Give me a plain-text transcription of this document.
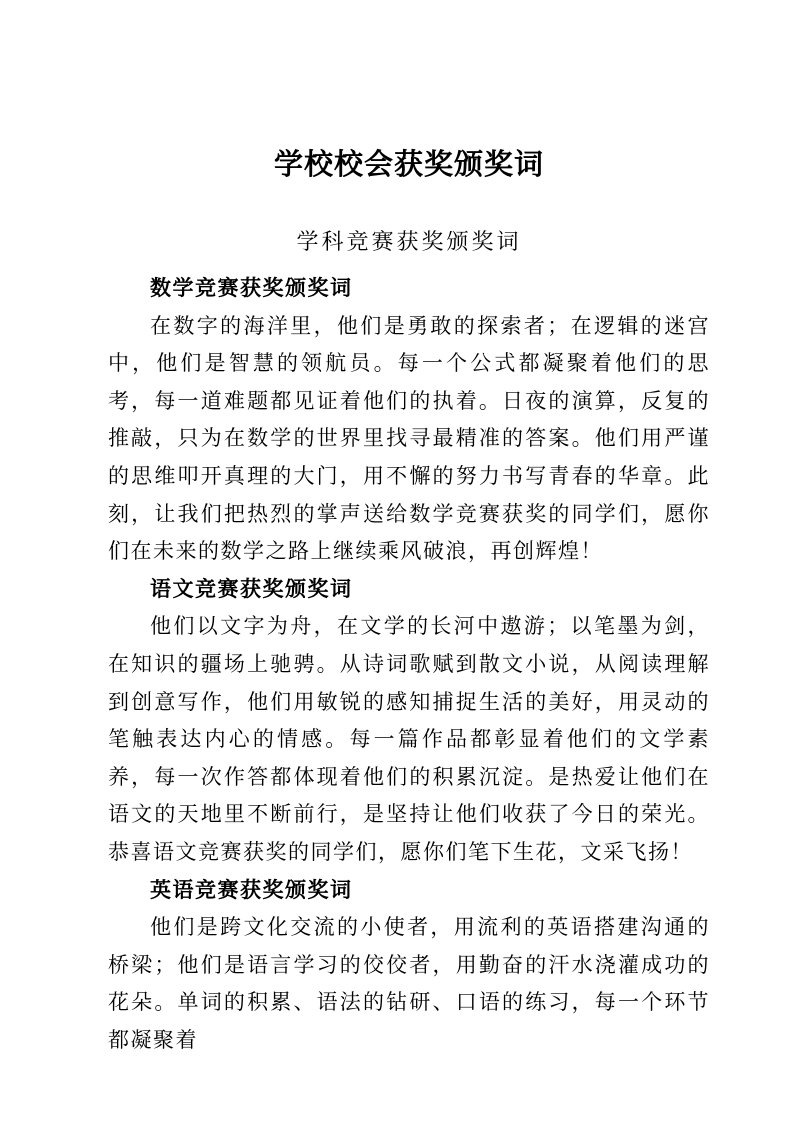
学校校会获奖颁奖词
学科竞赛获奖颁奖词

数学竞赛获奖颁奖词

在数字的海洋里，他们是勇敢的探索者；在逻辑的迷宫中，他们是智慧的领航员。每一个公式都凝聚着他们的思考，每一道难题都见证着他们的执着。日夜的演算，反复的推敲，只为在数学的世界里找寻最精准的答案。他们用严谨的思维叩开真理的大门，用不懈的努力书写青春的华章。此刻，让我们把热烈的掌声送给数学竞赛获奖的同学们，愿你们在未来的数学之路上继续乘风破浪，再创辉煌！

语文竞赛获奖颁奖词

他们以文字为舟，在文学的长河中遨游；以笔墨为剑，在知识的疆场上驰骋。从诗词歌赋到散文小说，从阅读理解到创意写作，他们用敏锐的感知捕捉生活的美好，用灵动的笔触表达内心的情感。每一篇作品都彰显着他们的文学素养，每一次作答都体现着他们的积累沉淀。是热爱让他们在语文的天地里不断前行，是坚持让他们收获了今日的荣光。恭喜语文竞赛获奖的同学们，愿你们笔下生花，文采飞扬！

英语竞赛获奖颁奖词

他们是跨文化交流的小使者，用流利的英语搭建沟通的桥梁；他们是语言学习的佼佼者，用勤奋的汗水浇灌成功的花朵。单词的积累、语法的钻研、口语的练习，每一个环节都凝聚着
